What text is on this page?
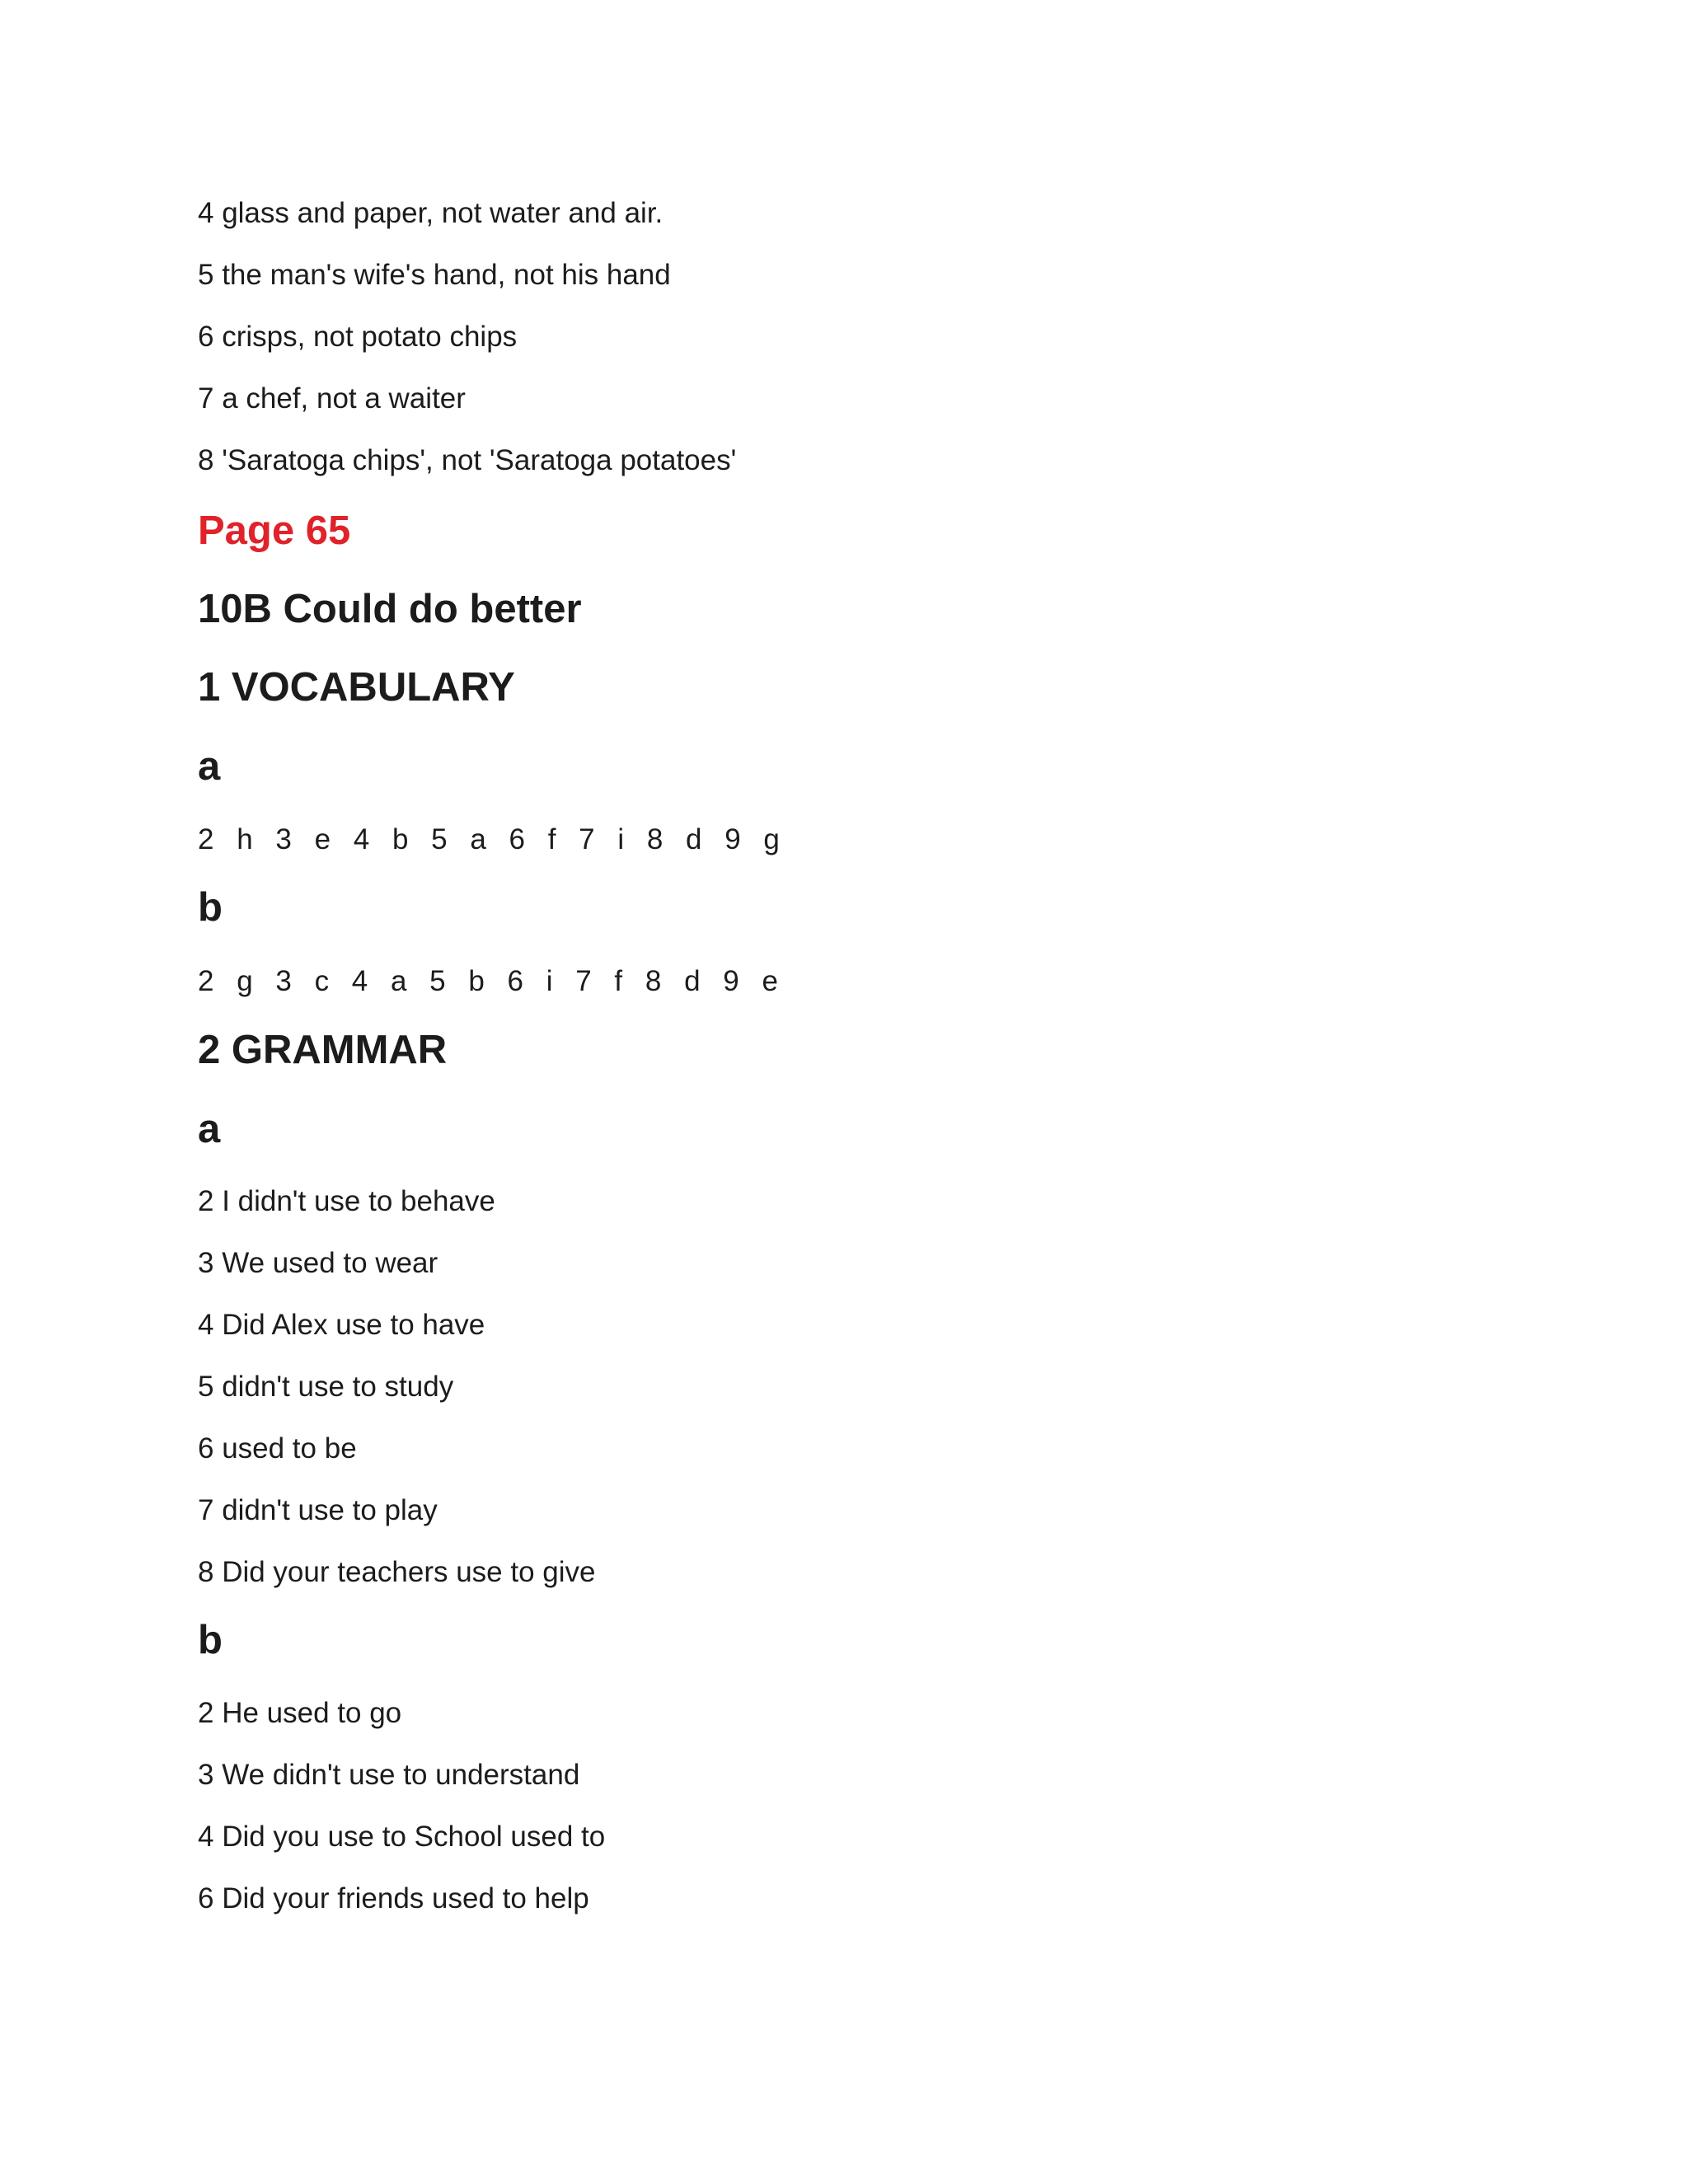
4 glass and paper, not water and air.

5 the man's wife's hand, not his hand

6 crisps, not potato chips

7 a chef, not a waiter

8 'Saratoga chips', not 'Saratoga potatoes'

Page 65

10B Could do better

1 VOCABULARY

a

2 h 3 e 4 b 5 a 6 f 7 i 8 d 9 g

b

2 g 3 c 4 a 5 b 6 i 7 f 8 d 9 e

2 GRAMMAR

a

2 I didn't use to behave

3 We used to wear

4 Did Alex use to have

5 didn't use to study

6 used to be

7 didn't use to play

8 Did your teachers use to give

b

2 He used to go

3 We didn't use to understand

4 Did you use to School used to

6 Did your friends used to help
